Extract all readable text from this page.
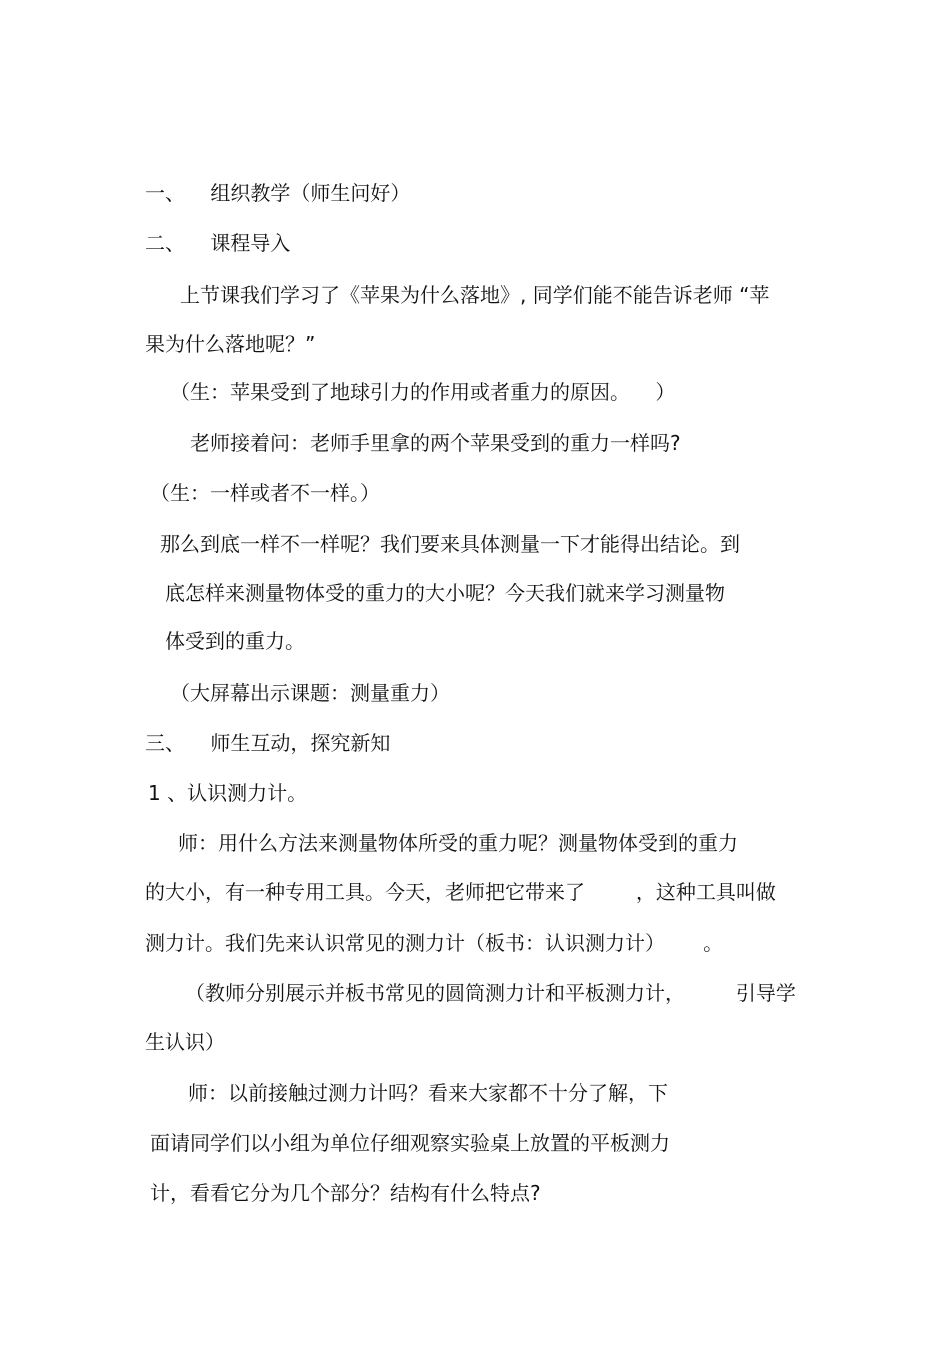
一、    组织教学（师生问好）
二、    课程导入
上节课我们学习了《苹果为什么落地》, 同学们能不能告诉老师 “苹
果为什么落地呢？”
（生：苹果受到了地球引力的作用或者重力的原因。    ）
老师接着问：老师手里拿的两个苹果受到的重力一样吗?
（生：一样或者不一样。）
那么到底一样不一样呢？我们要来具体测量一下才能得出结论。到
底怎样来测量物体受的重力的大小呢？今天我们就来学习测量物
体受到的重力。
（大屏幕出示课题：测量重力）
三、    师生互动，探究新知
1 、认识测力计。
师：用什么方法来测量物体所受的重力呢？测量物体受到的重力
的大小，有一种专用工具。今天，老师把它带来了        ，这种工具叫做
测力计。我们先来认识常见的测力计（板书：认识测力计）      。
（教师分别展示并板书常见的圆筒测力计和平板测力计，        引导学
生认识）
师：以前接触过测力计吗？看来大家都不十分了解，下
面请同学们以小组为单位仔细观察实验桌上放置的平板测力
计，看看它分为几个部分？结构有什么特点?
